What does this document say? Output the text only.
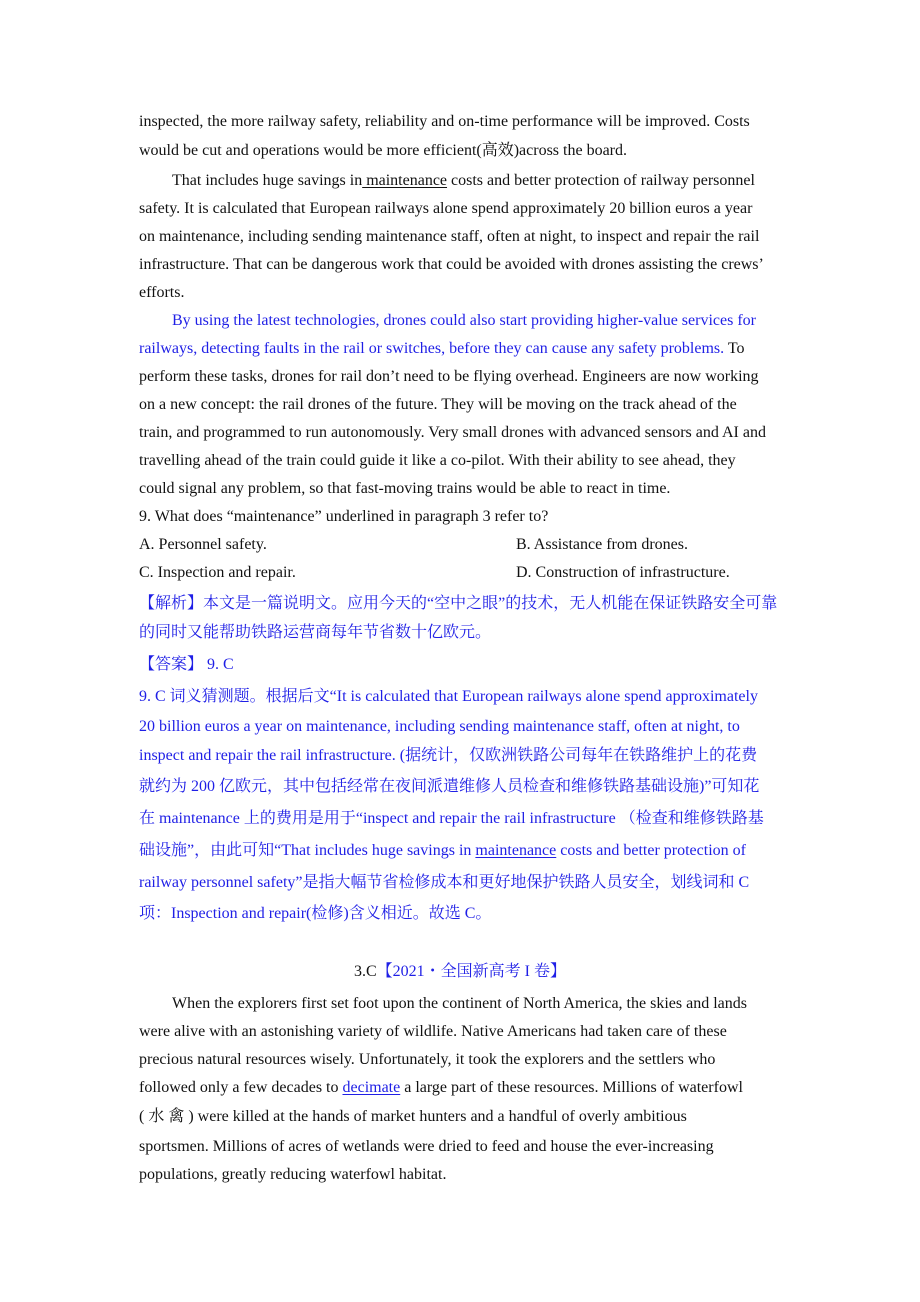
inspected, the more railway safety, reliability and on-time performance will be improved. Costs
would be cut and operations would be more efficient(高效)across the board.
That includes huge savings in maintenance costs and better protection of railway personnel
safety. It is calculated that European railways alone spend approximately 20 billion euros a year
on maintenance, including sending maintenance staff, often at night, to inspect and repair the rail
infrastructure. That can be dangerous work that could be avoided with drones assisting the crews’
efforts.
By using the latest technologies, drones could also start providing higher-value services for
railways, detecting faults in the rail or switches, before they can cause any safety problems. To
perform these tasks, drones for rail don’t need to be flying overhead. Engineers are now working
on a new concept: the rail drones of the future. They will be moving on the track ahead of the
train, and programmed to run autonomously. Very small drones with advanced sensors and AI and
travelling ahead of the train could guide it like a co-pilot. With their ability to see ahead, they
could signal any problem, so that fast-moving trains would be able to react in time.
9. What does “maintenance” underlined in paragraph 3 refer to?
A. Personnel safety.	B. Assistance from drones.
C. Inspection and repair.	D. Construction of infrastructure.
【解析】本文是一篇说明文。应用今天的“空中之眼”的技术，无人机能在保证铁路安全可靠
的同时又能帮助铁路运营商每年节省数十亿欧元。
【答案】 9. C
9. C 词义猜测题。根据后文“It is calculated that European railways alone spend approximately
20 billion euros a year on maintenance, including sending maintenance staff, often at night, to
inspect and repair the rail infrastructure. (据统计，仅欧洲铁路公司每年在铁路维护上的花费
就约为 200 亿欧元，其中包括经常在夜间派遣维修人员检查和维修铁路基础设施)”可知花
在 maintenance 上的费用是用于“inspect and repair the rail infrastructure （检查和维修铁路基
础设施”，由此可知“That includes huge savings in maintenance costs and better protection of
railway personnel safety”是指大幅节省检修成本和更好地保护铁路人员安全，划线词和 C
项：Inspection and repair(检修)含义相近。故选 C。
3.C【2021・全国新高考 I 卷】
When the explorers first set foot upon the continent of North America, the skies and lands
were alive with an astonishing variety of wildlife. Native Americans had taken care of these
precious natural resources wisely. Unfortunately, it took the explorers and the settlers who
followed only a few decades to decimate a large part of these resources. Millions of waterfowl
( 水 禽 ) were killed at the hands of market hunters and a handful of overly ambitious
sportsmen. Millions of acres of wetlands were dried to feed and house the ever-increasing
populations, greatly reducing waterfowl habitat.
